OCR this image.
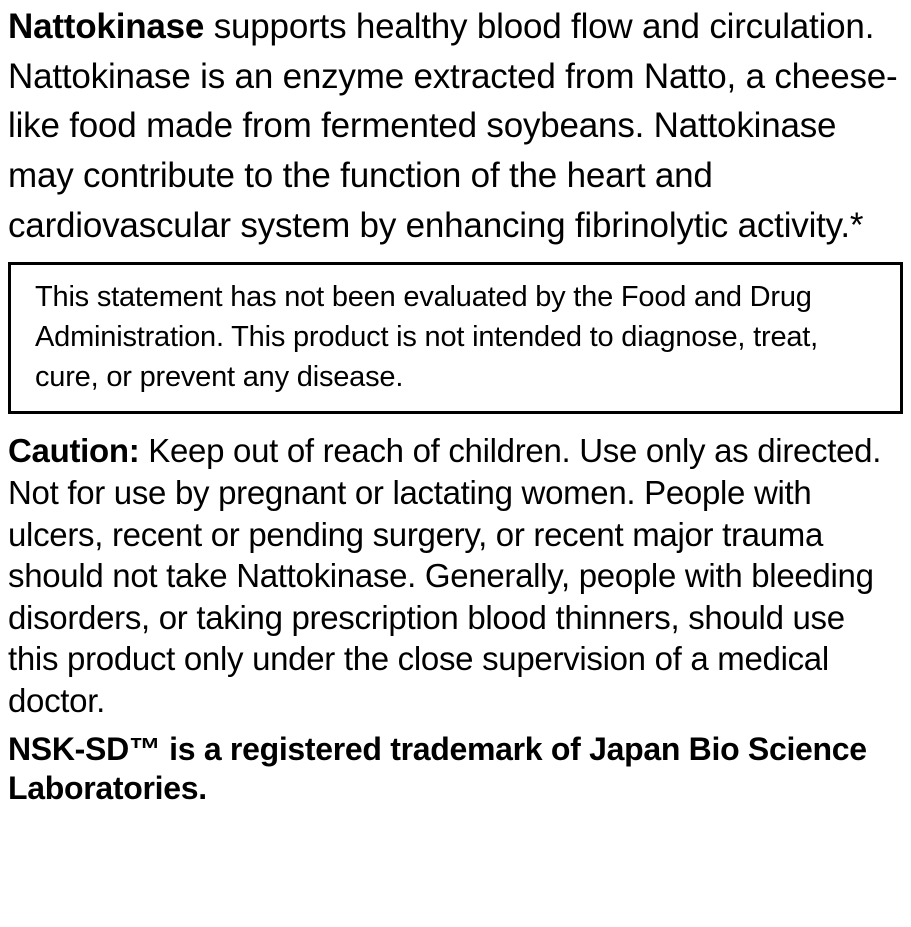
Nattokinase supports healthy blood flow and circulation. Nattokinase is an enzyme extracted from Natto, a cheese-like food made from fermented soybeans. Nattokinase may contribute to the function of the heart and cardiovascular system by enhancing fibrinolytic activity.*

This statement has not been evaluated by the Food and Drug Administration. This product is not intended to diagnose, treat, cure, or prevent any disease.

Caution: Keep out of reach of children. Use only as directed. Not for use by pregnant or lactating women. People with ulcers, recent or pending surgery, or recent major trauma should not take Nattokinase. Generally, people with bleeding disorders, or taking prescription blood thinners, should use this product only under the close supervision of a medical doctor.

NSK-SD™ is a registered trademark of Japan Bio Science Laboratories.
